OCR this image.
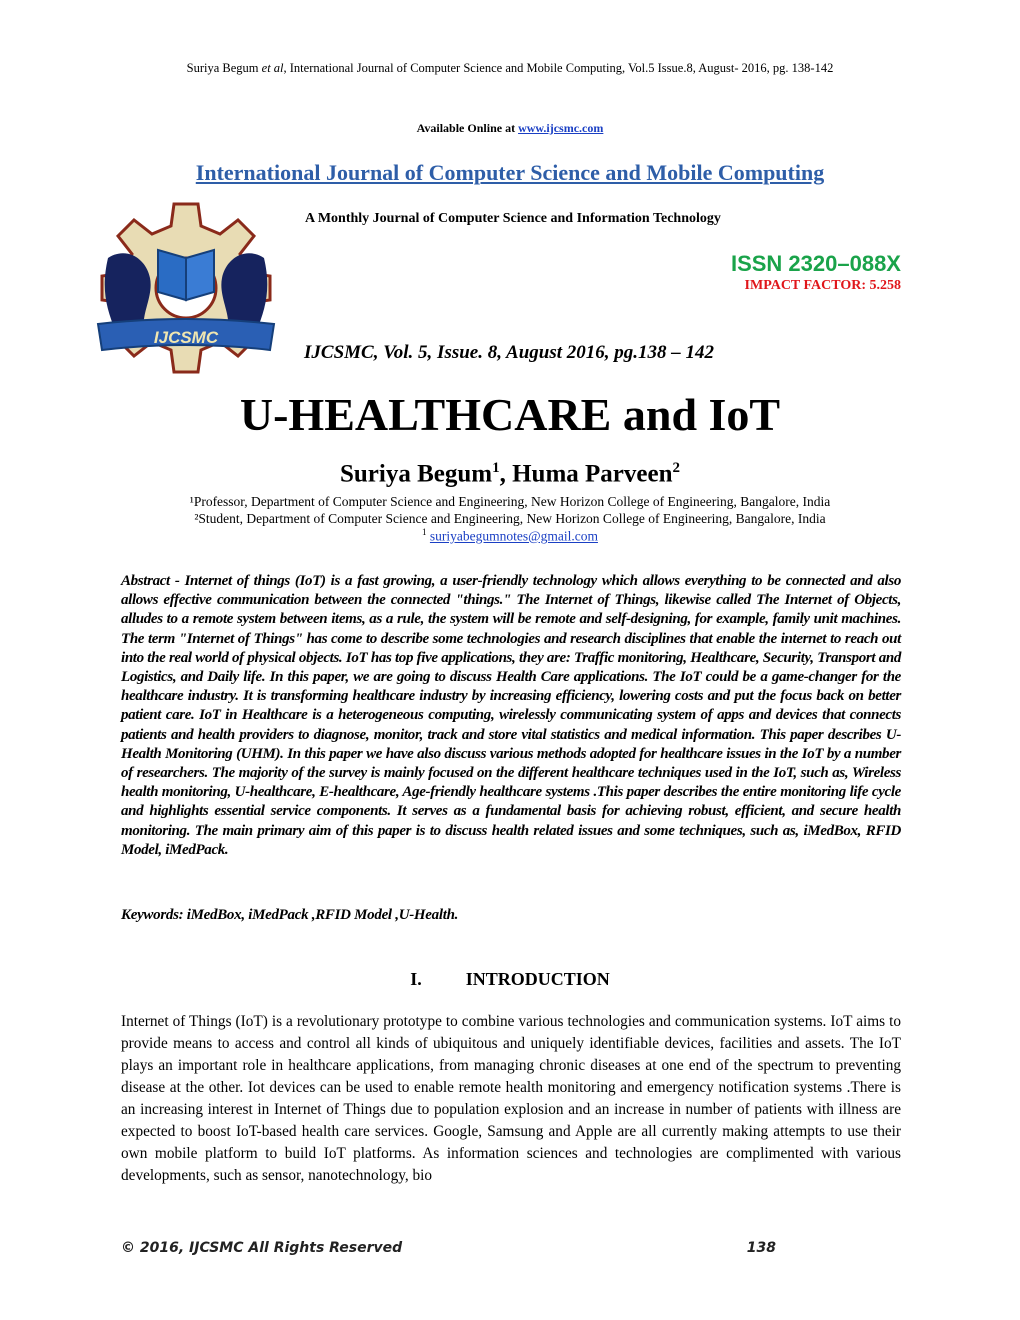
Suriya Begum et al, International Journal of Computer Science and Mobile Computing, Vol.5 Issue.8, August- 2016, pg. 138-142
Available Online at www.ijcsmc.com
International Journal of Computer Science and Mobile Computing
IJCSMC
A Monthly Journal of Computer Science and Information Technology
ISSN 2320–088X
IMPACT FACTOR: 5.258
IJCSMC, Vol. 5, Issue. 8, August 2016, pg.138 – 142
U-HEALTHCARE and IoT
Suriya Begum$^1$, Huma Parveen$^2$
¹Professor, Department of Computer Science and Engineering, New Horizon College of Engineering, Bangalore, India
²Student, Department of Computer Science and Engineering, New Horizon College of Engineering, Bangalore, India
$^1$ suriyabegumnotes@gmail.com
Abstract - Internet of things (IoT) is a fast growing, a user-friendly technology which allows everything to be connected and also allows effective communication between the connected "things." The Internet of Things, likewise called The Internet of Objects, alludes to a remote system between items, as a rule, the system will be remote and self-designing, for example, family unit machines. The term "Internet of Things" has come to describe some technologies and research disciplines that enable the internet to reach out into the real world of physical objects. IoT has top five applications, they are: Traffic monitoring, Healthcare, Security, Transport and Logistics, and Daily life. In this paper, we are going to discuss Health Care applications. The IoT could be a game-changer for the healthcare industry. It is transforming healthcare industry by increasing efficiency, lowering costs and put the focus back on better patient care. IoT in Healthcare is a heterogeneous computing, wirelessly communicating system of apps and devices that connects patients and health providers to diagnose, monitor, track and store vital statistics and medical information. This paper describes U-Health Monitoring (UHM). In this paper we have also discuss various methods adopted for healthcare issues in the IoT by a number of researchers. The majority of the survey is mainly focused on the different healthcare techniques used in the IoT, such as, Wireless health monitoring, U-healthcare, E-healthcare, Age-friendly healthcare systems .This paper describes the entire monitoring life cycle and highlights essential service components. It serves as a fundamental basis for achieving robust, efficient, and secure health monitoring. The main primary aim of this paper is to discuss health related issues and some techniques, such as, iMedBox, RFID Model, iMedPack.
Keywords: iMedBox, iMedPack ,RFID Model ,U-Health.
I. INTRODUCTION
Internet of Things (IoT) is a revolutionary prototype to combine various technologies and communication systems. IoT aims to provide means to access and control all kinds of ubiquitous and uniquely identifiable devices, facilities and assets. The IoT plays an important role in healthcare applications, from managing chronic diseases at one end of the spectrum to preventing disease at the other. Iot devices can be used to enable remote health monitoring and emergency notification systems .There is an increasing interest in Internet of Things due to population explosion and an increase in number of patients with illness are expected to boost IoT-based health care services. Google, Samsung and Apple are all currently making attempts to use their own mobile platform to build IoT platforms. As information sciences and technologies are complimented with various developments, such as sensor, nanotechnology, bio
© 2016, IJCSMC All Rights Reserved	138
